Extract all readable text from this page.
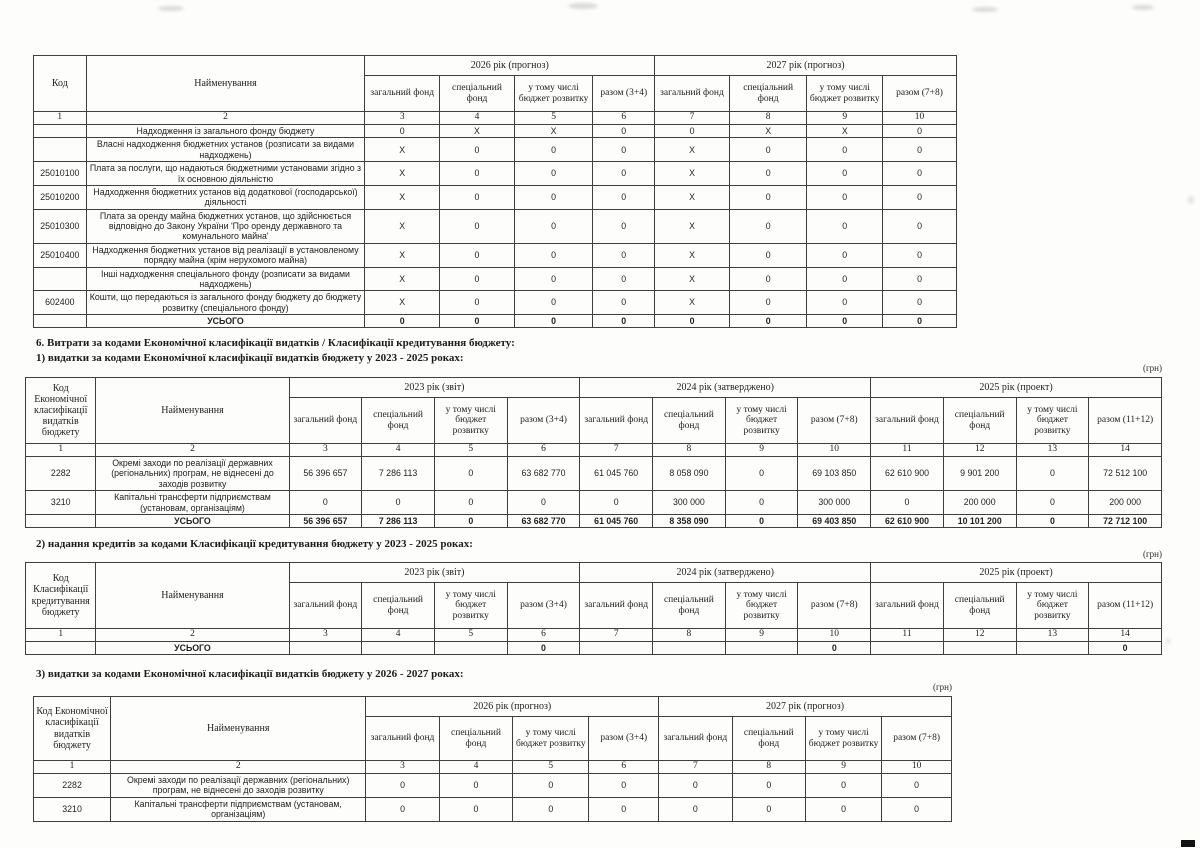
Код	Найменування	2026 рік (прогноз)				2027 рік (прогноз)			
		загальний фонд	спеціальний фонд	у тому числі бюджет розвитку	разом (3+4)	загальний фонд	спеціальний фонд	у тому числі бюджет розвитку	разом (7+8)
1	2	3	4	5	6	7	8	9	10
	Надходження із загального фонду бюджету	0	X	X	0	0	X	X	0
	Власні надходження бюджетних установ (розписати за видами надходжень)	X	0	0	0	X	0	0	0
25010100	Плата за послуги, що надаються бюджетними установами згідно з їх основною діяльністю	X	0	0	0	X	0	0	0
25010200	Надходження бюджетних установ від додаткової (господарської) діяльності	X	0	0	0	X	0	0	0
25010300	Плата за оренду майна бюджетних установ, що здійснюється відповідно до Закону України 'Про оренду державного та комунального майна'	X	0	0	0	X	0	0	0
25010400	Надходження бюджетних установ від реалізації в установленому порядку майна (крім нерухомого майна)	X	0	0	0	X	0	0	0
	Інші надходження спеціального фонду (розписати за видами надходжень)	X	0	0	0	X	0	0	0
602400	Кошти, що передаються із загального фонду бюджету до бюджету розвитку (спеціального фонду)	X	0	0	0	X	0	0	0
	УСЬОГО	0	0	0	0	0	0	0	0
6. Витрати за кодами Економічної класифікації видатків / Класифікації кредитування бюджету:
1) видатки за кодами Економічної класифікації видатків бюджету у 2023 - 2025 роках:
(грн)
Код Економічної класифікації видатків бюджету	Найменування	2023 рік (звіт)				2024 рік (затверджено)				2025 рік (проект)			
		загальний фонд	спеціальний фонд	у тому числі бюджет розвитку	разом (3+4)	загальний фонд	спеціальний фонд	у тому числі бюджет розвитку	разом (7+8)	загальний фонд	спеціальний фонд	у тому числі бюджет розвитку	разом (11+12)
1	2	3	4	5	6	7	8	9	10	11	12	13	14
2282	Окремі заходи по реалізації державних (регіональних) програм, не віднесені до заходів розвитку	56 396 657	7 286 113	0	63 682 770	61 045 760	8 058 090	0	69 103 850	62 610 900	9 901 200	0	72 512 100
3210	Капітальні трансферти підприємствам (установам, організаціям)	0	0	0	0	0	300 000	0	300 000	0	200 000	0	200 000
	УСЬОГО	56 396 657	7 286 113	0	63 682 770	61 045 760	8 358 090	0	69 403 850	62 610 900	10 101 200	0	72 712 100
2) надання кредитів за кодами Класифікації кредитування бюджету у 2023 - 2025 роках:
(грн)
Код Класифікації кредитування бюджету	Найменування	2023 рік (звіт)				2024 рік (затверджено)				2025 рік (проект)			
		загальний фонд	спеціальний фонд	у тому числі бюджет розвитку	разом (3+4)	загальний фонд	спеціальний фонд	у тому числі бюджет розвитку	разом (7+8)	загальний фонд	спеціальний фонд	у тому числі бюджет розвитку	разом (11+12)
1	2	3	4	5	6	7	8	9	10	11	12	13	14
	УСЬОГО				0				0				0
3) видатки за кодами Економічної класифікації видатків бюджету у 2026 - 2027 роках:
(грн)
Код Економічної класифікації видатків бюджету	Найменування	2026 рік (прогноз)				2027 рік (прогноз)			
		загальний фонд	спеціальний фонд	у тому числі бюджет розвитку	разом (3+4)	загальний фонд	спеціальний фонд	у тому числі бюджет розвитку	разом (7+8)
1	2	3	4	5	6	7	8	9	10
2282	Окремі заходи по реалізації державних (регіональних) програм, не віднесені до заходів розвитку	0	0	0	0	0	0	0	0
3210	Капітальні трансферти підприємствам (установам, організаціям)	0	0	0	0	0	0	0	0
